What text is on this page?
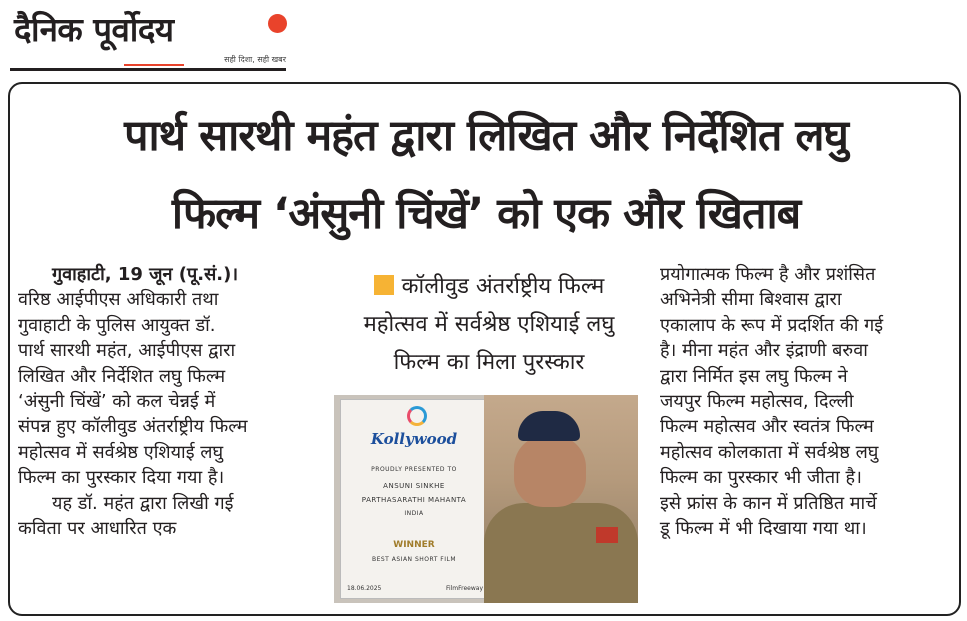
दैनिक पूर्वोदय
सही दिशा, सही खबर
पार्थ सारथी महंत द्वारा लिखित और निर्देशित लघु
फिल्म ‘अंसुनी चिंखें’ को एक और खिताब

गुवाहाटी, 19 जून (पू.सं.)।

वरिष्ठ आईपीएस अधिकारी तथा

गुवाहाटी के पुलिस आयुक्त डॉ.

पार्थ सारथी महंत, आईपीएस द्वारा

लिखित और निर्देशित लघु फिल्म

‘अंसुनी चिंखें’ को कल चेन्नई में

संपन्न हुए कॉलीवुड अंतर्राष्ट्रीय फिल्म

महोत्सव में सर्वश्रेष्ठ एशियाई लघु

फिल्म का पुरस्कार दिया गया है।

यह डॉ. महंत द्वारा लिखी गई

कविता पर आधारित एक

कॉलीवुड अंतर्राष्ट्रीय फिल्म
महोत्सव में सर्वश्रेष्ठ एशियाई लघु
फिल्म का मिला पुरस्कार
Kollywood
PROUDLY PRESENTED TO
ANSUNI SINKHE
PARTHASARATHI MAHANTA
INDIA
WINNER
BEST ASIAN SHORT FILM
18.06.2025	FilmFreeway

प्रयोगात्मक फिल्म है और प्रशंसित

अभिनेत्री सीमा बिश्वास द्वारा

एकालाप के रूप में प्रदर्शित की गई

है। मीना महंत और इंद्राणी बरुवा

द्वारा निर्मित इस लघु फिल्म ने

जयपुर फिल्म महोत्सव, दिल्ली

फिल्म महोत्सव और स्वतंत्र फिल्म

महोत्सव कोलकाता में सर्वश्रेष्ठ लघु

फिल्म का पुरस्कार भी जीता है।

इसे फ्रांस के कान में प्रतिष्ठित मार्चे

डू फिल्म में भी दिखाया गया था।
